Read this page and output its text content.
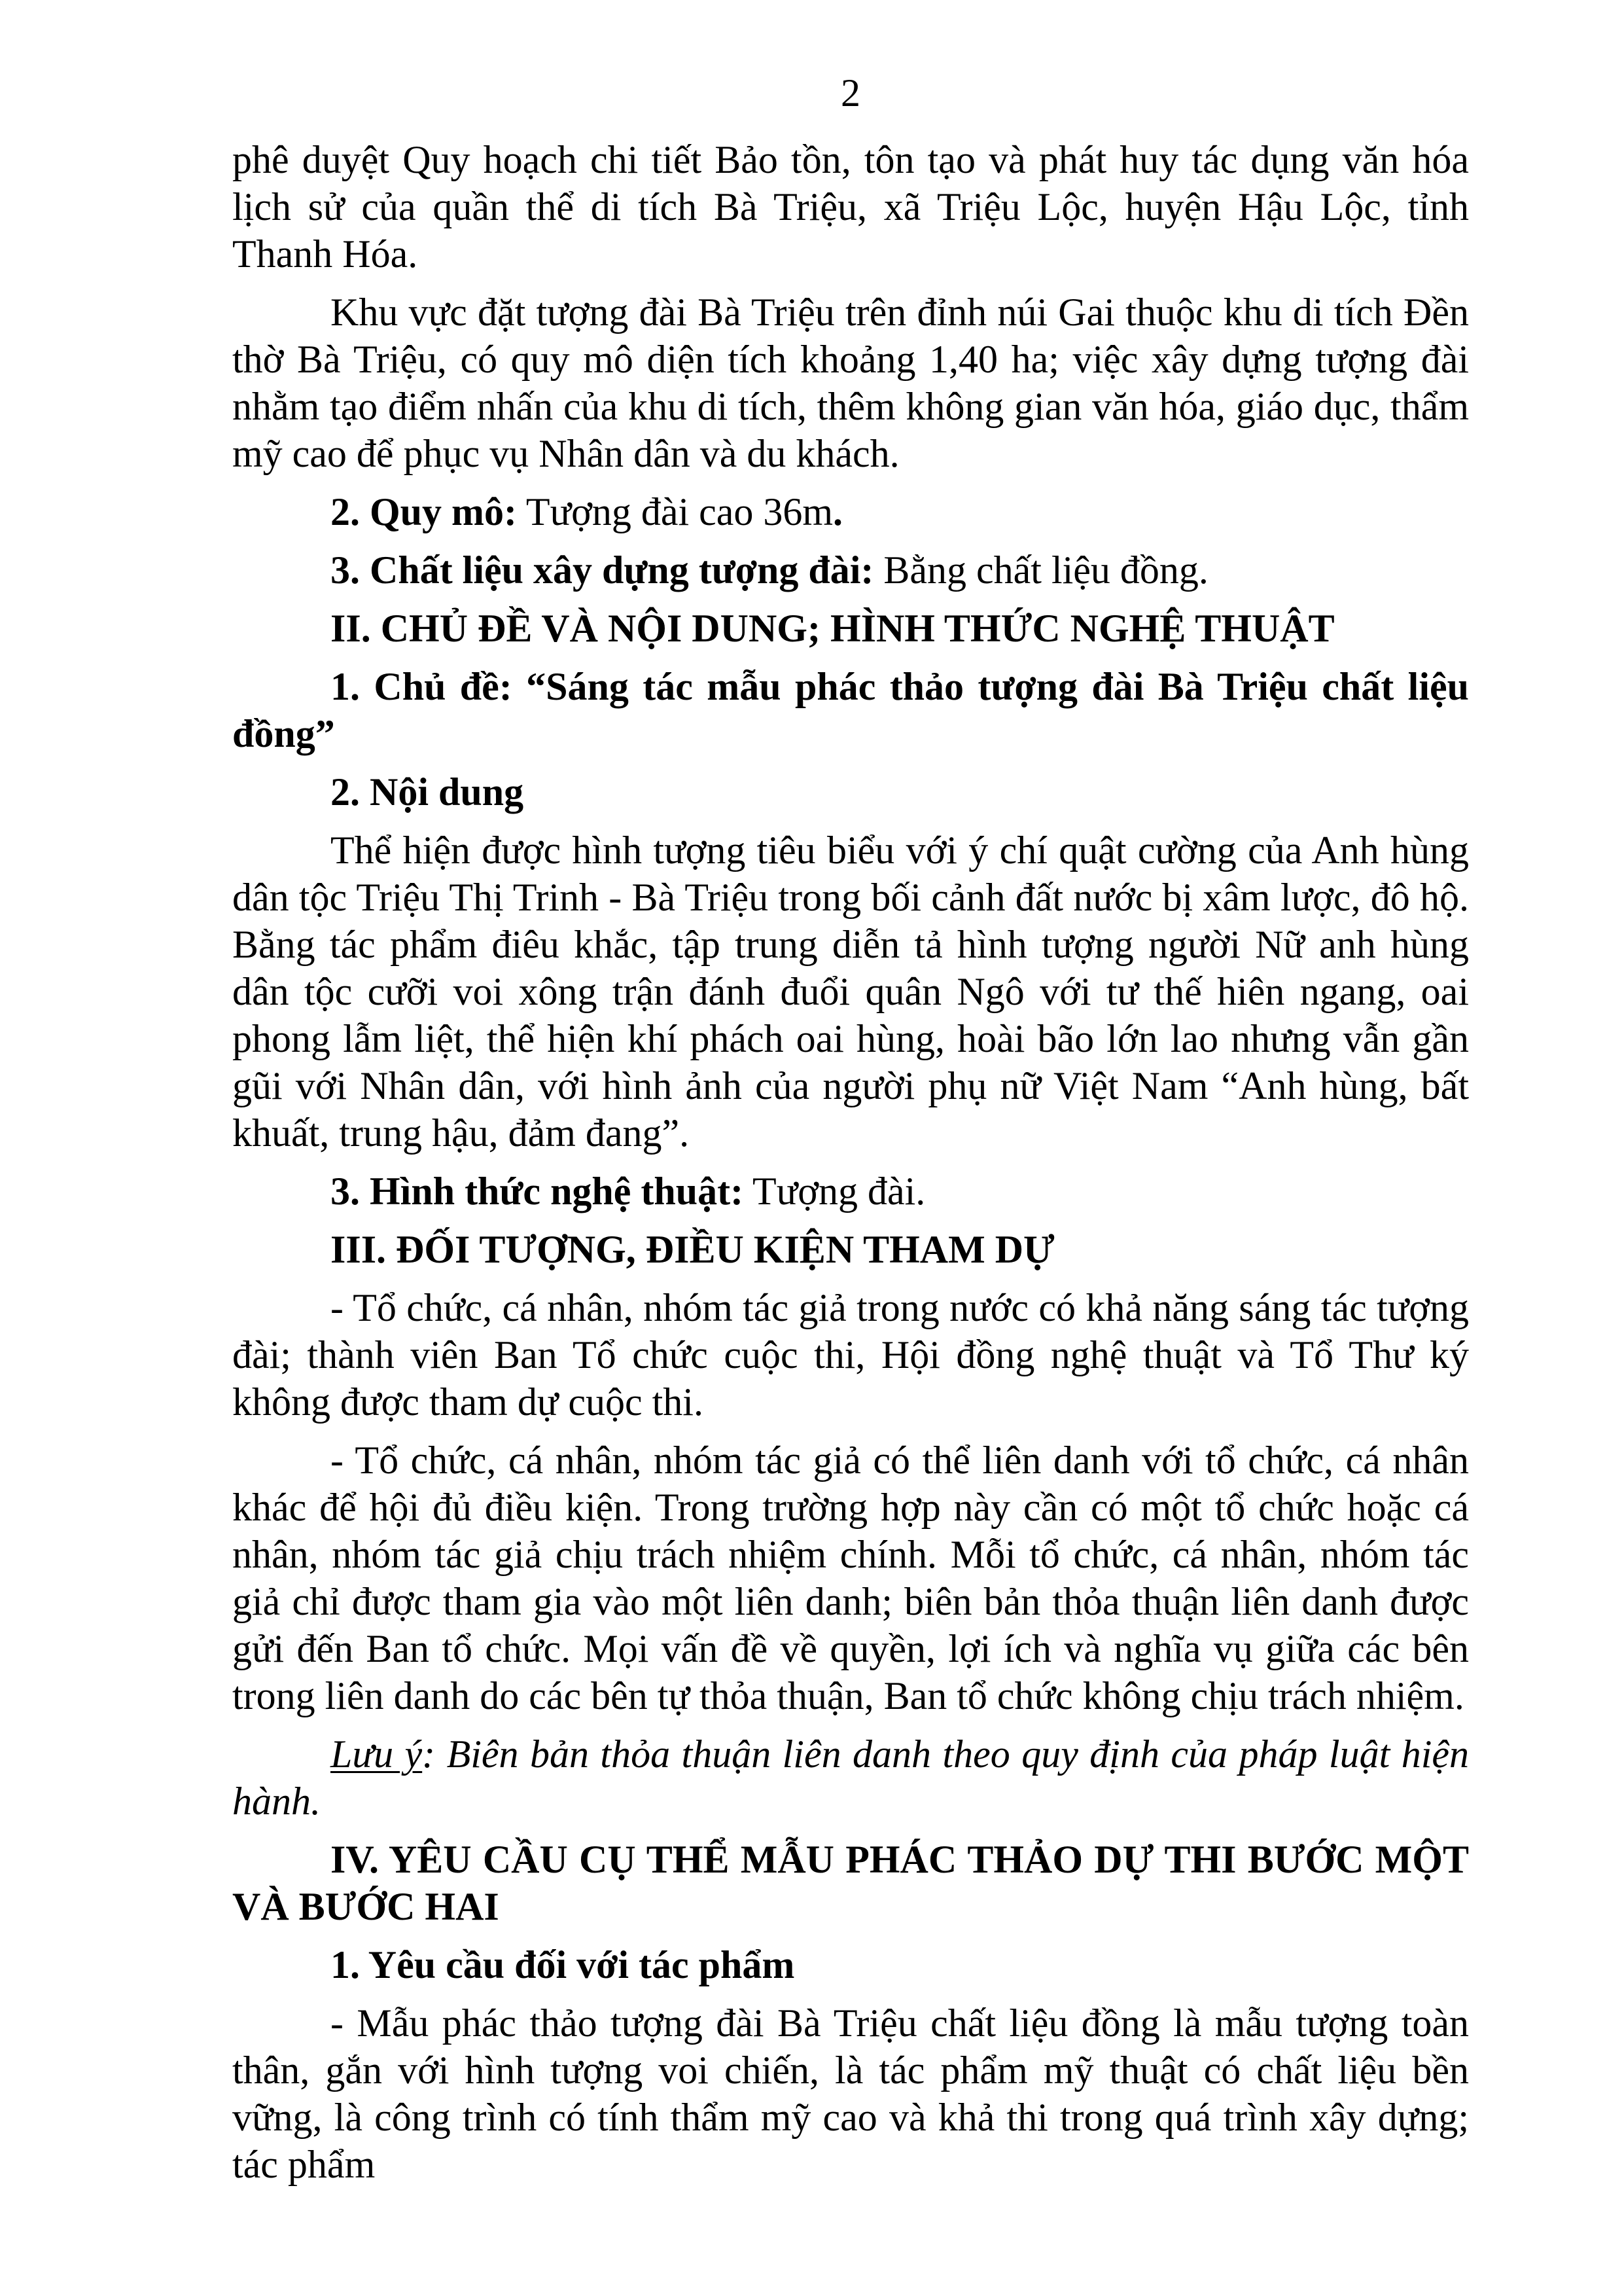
2

phê duyệt Quy hoạch chi tiết Bảo tồn, tôn tạo và phát huy tác dụng văn hóa lịch sử của quần thể di tích Bà Triệu, xã Triệu Lộc, huyện Hậu Lộc, tỉnh Thanh Hóa.

Khu vực đặt tượng đài Bà Triệu trên đỉnh núi Gai thuộc khu di tích Đền thờ Bà Triệu, có quy mô diện tích khoảng 1,40 ha; việc xây dựng tượng đài nhằm tạo điểm nhấn của khu di tích, thêm không gian văn hóa, giáo dục, thẩm mỹ cao để phục vụ Nhân dân và du khách.

2. Quy mô: Tượng đài cao 36m.

3. Chất liệu xây dựng tượng đài: Bằng chất liệu đồng.

II. CHỦ ĐỀ VÀ NỘI DUNG; HÌNH THỨC NGHỆ THUẬT

1. Chủ đề: “Sáng tác mẫu phác thảo tượng đài Bà Triệu chất liệu đồng”

2. Nội dung

Thể hiện được hình tượng tiêu biểu với ý chí quật cường của Anh hùng dân tộc Triệu Thị Trinh - Bà Triệu trong bối cảnh đất nước bị xâm lược, đô hộ. Bằng tác phẩm điêu khắc, tập trung diễn tả hình tượng người Nữ anh hùng dân tộc cưỡi voi xông trận đánh đuổi quân Ngô với tư thế hiên ngang, oai phong lẫm liệt, thể hiện khí phách oai hùng, hoài bão lớn lao nhưng vẫn gần gũi với Nhân dân, với hình ảnh của người phụ nữ Việt Nam “Anh hùng, bất khuất, trung hậu, đảm đang”.

3. Hình thức nghệ thuật: Tượng đài.

III. ĐỐI TƯỢNG, ĐIỀU KIỆN THAM DỰ

- Tổ chức, cá nhân, nhóm tác giả trong nước có khả năng sáng tác tượng đài; thành viên Ban Tổ chức cuộc thi, Hội đồng nghệ thuật và Tổ Thư ký không được tham dự cuộc thi.

- Tổ chức, cá nhân, nhóm tác giả có thể liên danh với tổ chức, cá nhân khác để hội đủ điều kiện. Trong trường hợp này cần có một tổ chức hoặc cá nhân, nhóm tác giả chịu trách nhiệm chính. Mỗi tổ chức, cá nhân, nhóm tác giả chỉ được tham gia vào một liên danh; biên bản thỏa thuận liên danh được gửi đến Ban tổ chức. Mọi vấn đề về quyền, lợi ích và nghĩa vụ giữa các bên trong liên danh do các bên tự thỏa thuận, Ban tổ chức không chịu trách nhiệm.

Lưu ý: Biên bản thỏa thuận liên danh theo quy định của pháp luật hiện hành.

IV. YÊU CẦU CỤ THỂ MẪU PHÁC THẢO DỰ THI BƯỚC MỘT VÀ BƯỚC HAI

1. Yêu cầu đối với tác phẩm

- Mẫu phác thảo tượng đài Bà Triệu chất liệu đồng là mẫu tượng toàn thân, gắn với hình tượng voi chiến, là tác phẩm mỹ thuật có chất liệu bền vững, là công trình có tính thẩm mỹ cao và khả thi trong quá trình xây dựng; tác phẩm
